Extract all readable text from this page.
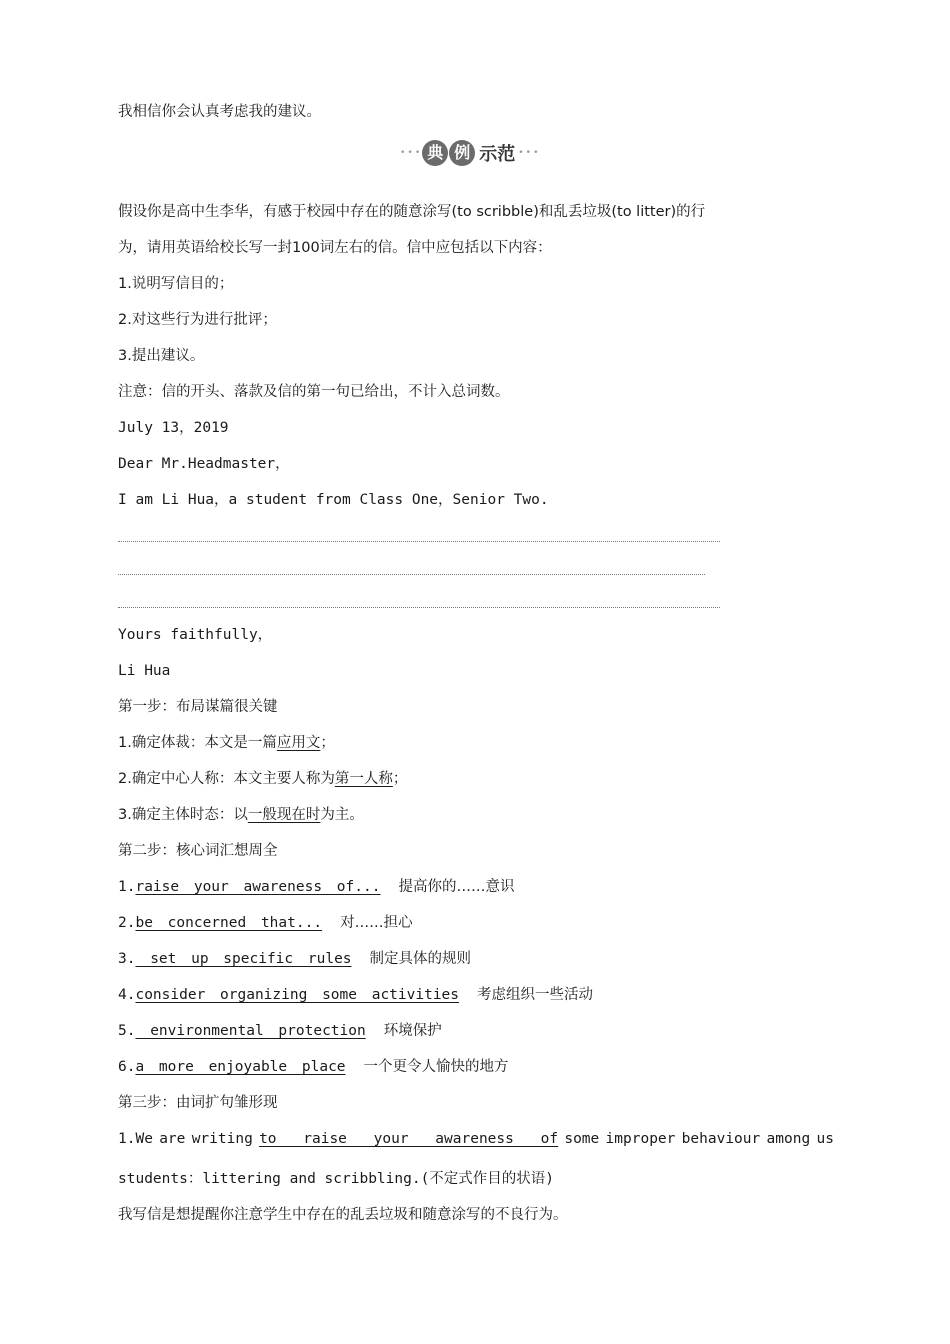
我相信你会认真考虑我的建议。
假设你是高中生李华，有感于校园中存在的随意涂写(to scribble)和乱丢垃圾(to litter)的行
为，请用英语给校长写一封100词左右的信。信中应包括以下内容：
1.说明写信目的；
2.对这些行为进行批评；
3.提出建议。
注意：信的开头、落款及信的第一句已给出，不计入总词数。
July 13，2019
Dear Mr.Headmaster，
I am Li Hua，a student from Class One，Senior Two.
Yours faithfully，
Li Hua
第一步：布局谋篇很关键
1.确定体裁：本文是一篇应用文；
2.确定中心人称：本文主要人称为第一人称；
3.确定主体时态：以一般现在时为主。
第二步：核心词汇想周全
1.raise your awareness of... 提高你的……意识
2.be concerned that... 对……担心
3. set up specific rules 制定具体的规则
4.consider organizing some activities 考虑组织一些活动
5. environmental protection 环境保护
6.a more enjoyable place 一个更令人愉快的地方
第三步：由词扩句雏形现
1.We are writing to raise your awareness of some improper behaviour among us
students：littering and scribbling.(不定式作目的状语)
我写信是想提醒你注意学生中存在的乱丢垃圾和随意涂写的不良行为。
••• 典 例 示范 •••
